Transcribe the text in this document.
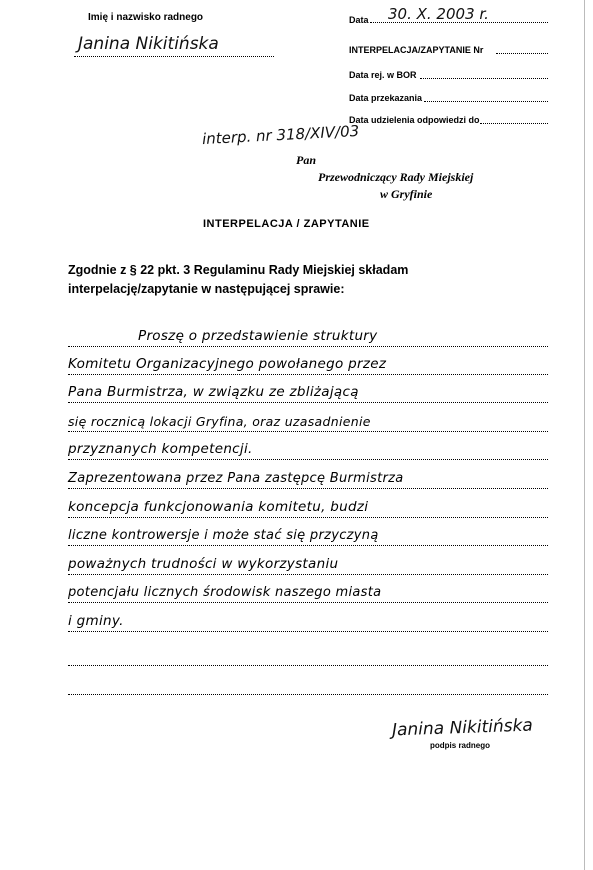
Imię i nazwisko radnego
Janina Nikitińska
Data 30. X. 2003 r.
INTERPELACJA/ZAPYTANIE Nr
Data rej. w BOR
Data przekazania
Data udzielenia odpowiedzi do
interp. nr 318/XIV/03
Pan
Przewodniczący Rady Miejskiej
w Gryfinie
INTERPELACJA / ZAPYTANIE
Zgodnie z § 22 pkt. 3 Regulaminu Rady Miejskiej składam
interpelację/zapytanie w następującej sprawie:
Proszę o przedstawienie struktury
Komitetu Organizacyjnego powołanego przez
Pana Burmistrza, w związku ze zbliżającą
się rocznicą lokacji Gryfina, oraz uzasadnienie
przyznanych kompetencji.
Zaprezentowana przez Pana zastępcę Burmistrza
koncepcja funkcjonowania komitetu, budzi
liczne kontrowersje i może stać się przyczyną
poważnych trudności w wykorzystaniu
potencjału licznych środowisk naszego miasta
i gminy.
Janina Nikitińska
podpis radnego
